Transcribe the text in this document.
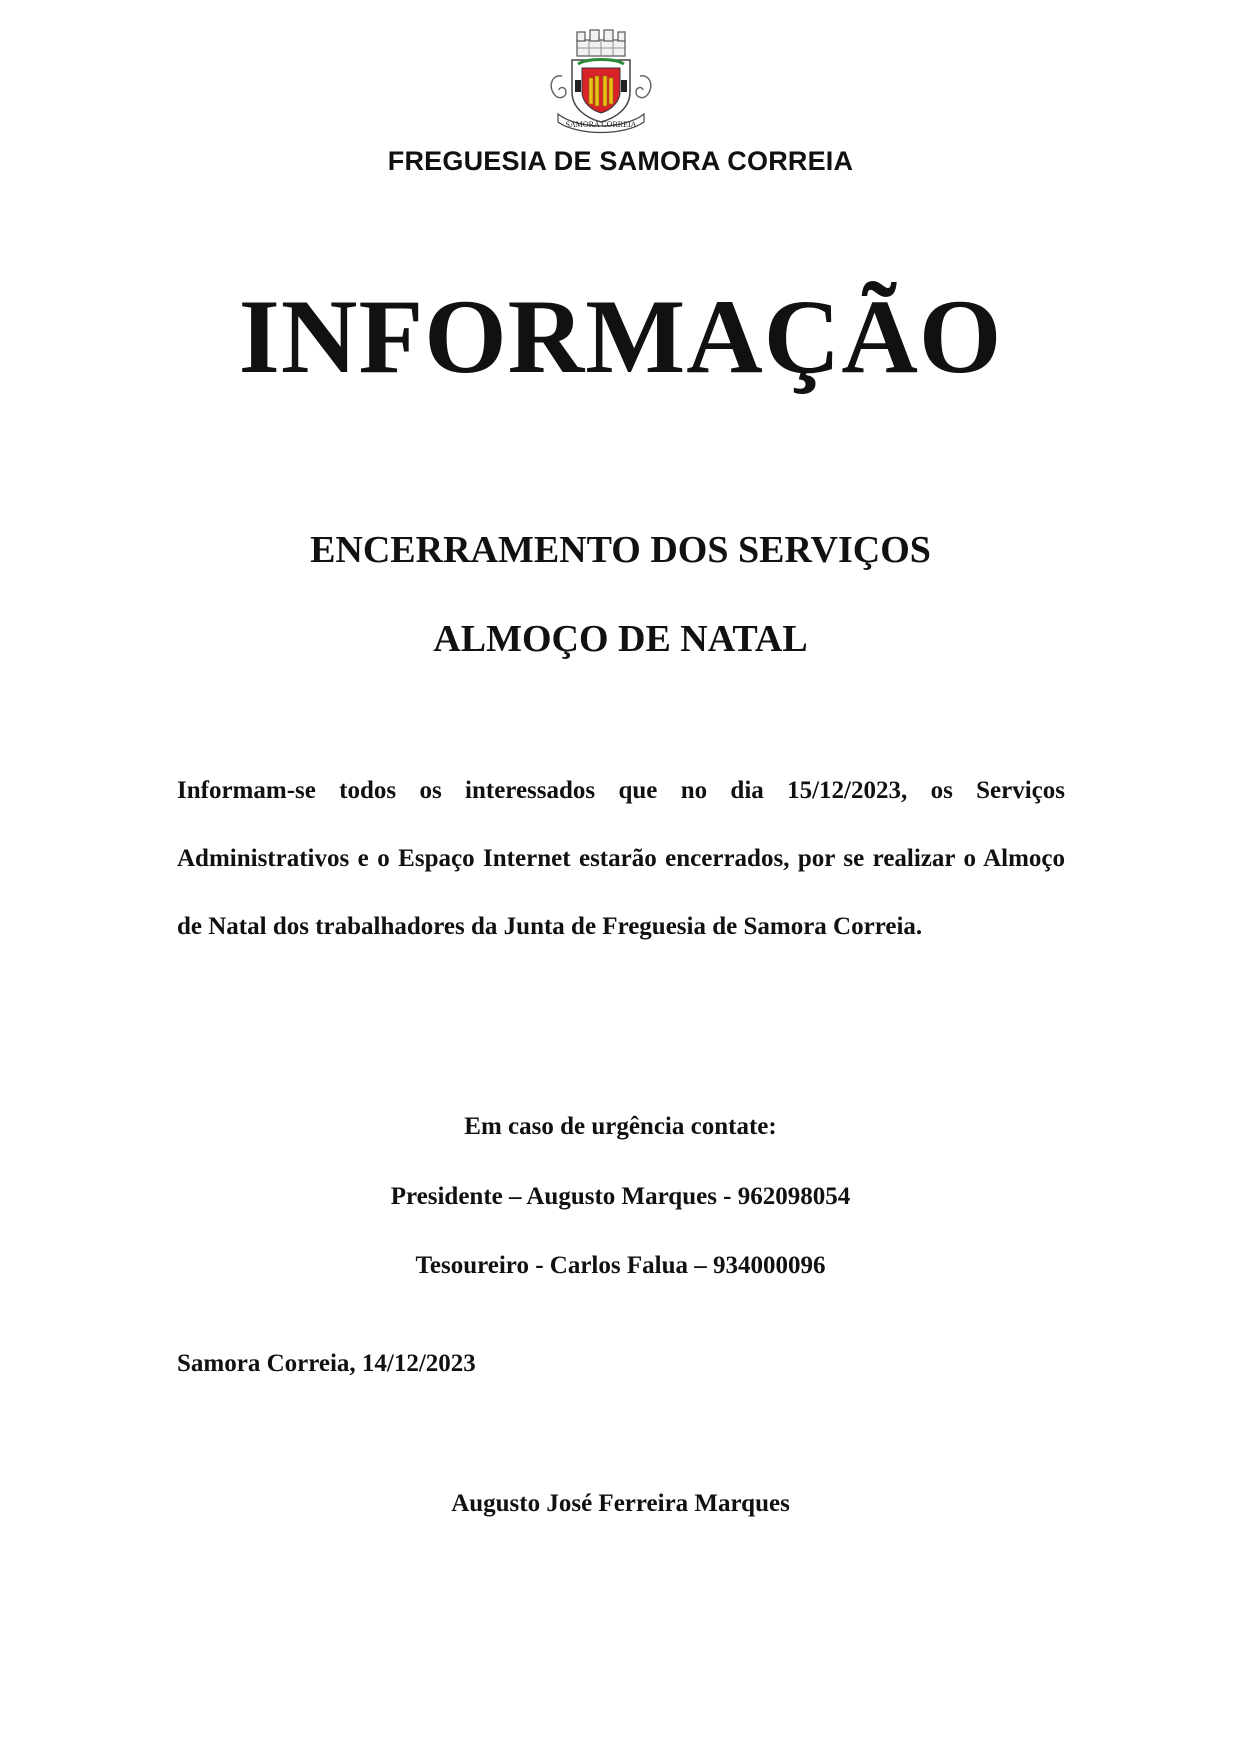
SAMORA CORREIA
FREGUESIA DE SAMORA CORREIA
INFORMAÇÃO
ENCERRAMENTO DOS SERVIÇOS
ALMOÇO DE NATAL
Informam-se todos os interessados que no dia 15/12/2023, os Serviços Administrativos e o Espaço Internet estarão encerrados, por se realizar o Almoço de Natal dos trabalhadores da Junta de Freguesia de Samora Correia.
Em caso de urgência contate:
Presidente – Augusto Marques - 962098054
Tesoureiro - Carlos Falua – 934000096
Samora Correia, 14/12/2023
Augusto José Ferreira Marques
